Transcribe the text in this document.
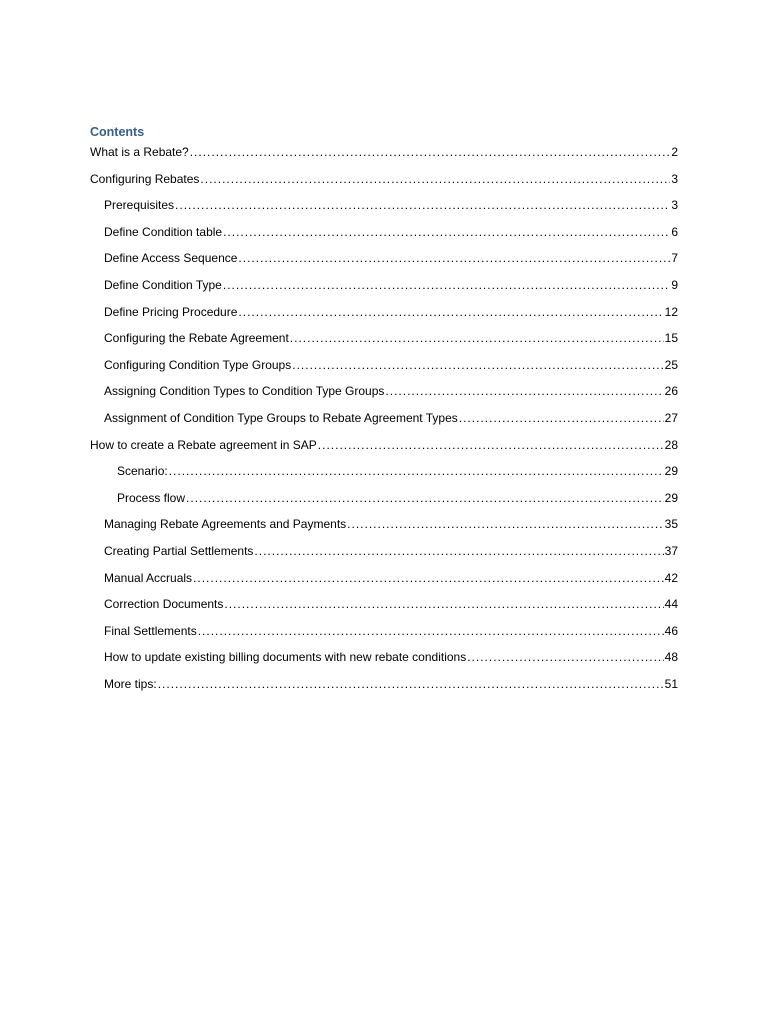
Contents
What is a Rebate? .....	2
Configuring Rebates .....	3
Prerequisites .....	3
Define Condition table .....	6
Define Access Sequence .....	7
Define Condition Type .....	9
Define Pricing Procedure .....	12
Configuring the Rebate Agreement .....	15
Configuring Condition Type Groups .....	25
Assigning Condition Types to Condition Type Groups .....	26
Assignment of Condition Type Groups to Rebate Agreement Types .....	27
How to create a Rebate agreement in SAP .....	28
Scenario: .....	29
Process flow .....	29
Managing Rebate Agreements and Payments .....	35
Creating Partial Settlements .....	37
Manual Accruals .....	42
Correction Documents .....	44
Final Settlements .....	46
How to update existing billing documents with new rebate conditions .....	48
More tips: .....	51
